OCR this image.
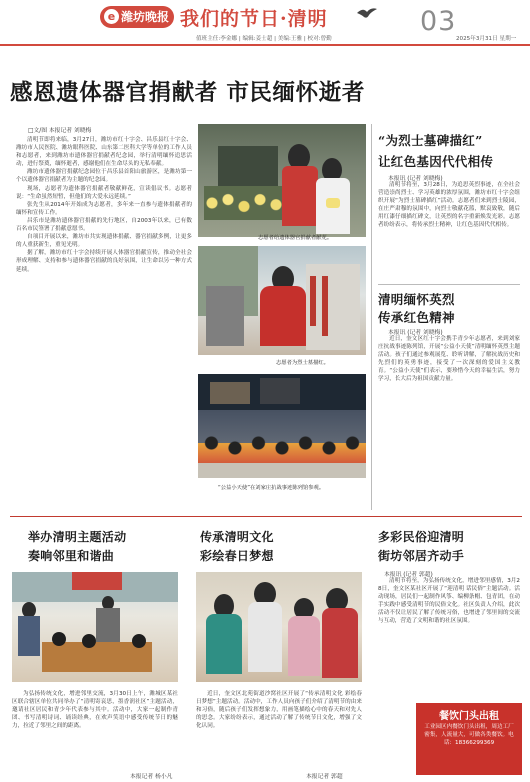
e 潍坊晚报 我们的节日·清明	03
值班主任:李金娜 | 编辑:姜士超 | 美编:王雅 | 校对:曾勤	2025年3月31日 星期一
感恩遗体器官捐献者 市民缅怀逝者
□文/图 本报记者 刘晓梅

清明节即将来临，3月27日，潍坊市红十字会、昌乐县红十字会、潍坊市人民医院、潍坊眼科医院、山东第二医科大学等单位的工作人员和志愿者，来到潍坊市遗体器官捐献者纪念园，举行清明缅怀追思活动，进行祭奠，缅怀逝者，感谢他们在生命尽头的无私奉献。

潍坊市遗体器官捐献纪念园位于昌乐县首阳山旅游区，是潍坊第一个以遗体器官捐献者为主题的纪念园。

现场，志愿者为遗体器官捐献者敬献鲜花，宣读倡议书。志愿者说：“生命虽然短暂，但他们的大爱永远延续。”

张先生从2014年开始成为志愿者，多年来一直参与遗体捐献者的缅怀和宣传工作。

昌乐市是潍坊遗体器官捐献的先行地区，自2003年以来，已有数百名市民签署了捐献意愿书。

自项目开展以来，潍坊市共实现遗体捐献、器官捐献多例，让更多的人重获新生，重见光明。

据了解，潍坊市红十字会持续开展人体器官捐献宣传，推动全社会形成理解、支持和参与遗体器官捐献的良好氛围，让生命以另一种方式延续。

志愿者给遗体器官捐献者献花。
志愿者为烈士墓描红。
“公益小天使”在刘家庄抗战事迹陈列馆参观。
“为烈士墓碑描红”
让红色基因代代相传
本报讯 (记者 刘晓梅)
清明节将至，3月28日，为追思英烈事迹，在全社会营造崇尚烈士、学习英雄的浓厚氛围，潍坊市红十字会组织开展“为烈士墓碑描红”活动。志愿者们来到烈士陵园，在庄严肃穆的氛围中，向烈士敬献花篮，默哀致敬，随后用红漆仔细描红碑文，让英烈的名字重新焕发光彩。志愿者纷纷表示，将传承烈士精神，让红色基因代代相传。
清明缅怀英烈
传承红色精神
本报讯 (记者 刘晓梅)
近日，奎文区红十字会携手青少年志愿者，来到刘家庄抗战事迹陈列馆，开展“公益小天使”清明缅怀英烈主题活动。孩子们通过参观展览、聆听讲解，了解抗战历史和先烈们的英勇事迹，接受了一次深刻的爱国主义教育。“公益小天使”们表示，要珍惜今天的幸福生活，努力学习，长大后为祖国贡献力量。
举办清明主题活动
奏响邻里和谐曲
为弘扬传统文化，增进邻里交流，3月30日上午，潍城区某社区联合辖区单位共同举办了“清明寄哀思，墨香润社区”主题活动，邀请社区居民和青少年代表参与其中。活动中，大家一起制作青团、书写清明诗词、诵读经典，在欢声笑语中感受传统节日的魅力，拉近了邻里之间的距离。
本报记者 杨小凡
传承清明文化
彩绘春日梦想
近日，奎文区北苑街道沙窝社区开展了“传承清明文化 彩绘春日梦想”主题活动。活动中，工作人员向孩子们介绍了清明节的由来和习俗，随后孩子们发挥想象力，用画笔描绘心中的春天和对先人的思念。大家纷纷表示，通过活动了解了传统节日文化，增强了文化认同。
本报记者 郭超
多彩民俗迎清明
街坊邻居齐动手
本报讯 (记者 郭超)
清明节将至，为弘扬传统文化，增进邻里感情，3月28日，奎文区某社区开展了“迎清明 话民俗”主题活动。活动现场，居民们一起制作风筝、编柳条帽、包青团，在动手实践中感受清明节的民俗文化。社区负责人介绍，此次活动不仅让居民了解了传统习俗，也增进了邻里间的交流与互动，营造了文明和谐的社区氛围。
餐饮门头出租
工业园区内餐饮门头出租，周边工厂密集，人流量大，可做各类餐饮。电话：18366299369
